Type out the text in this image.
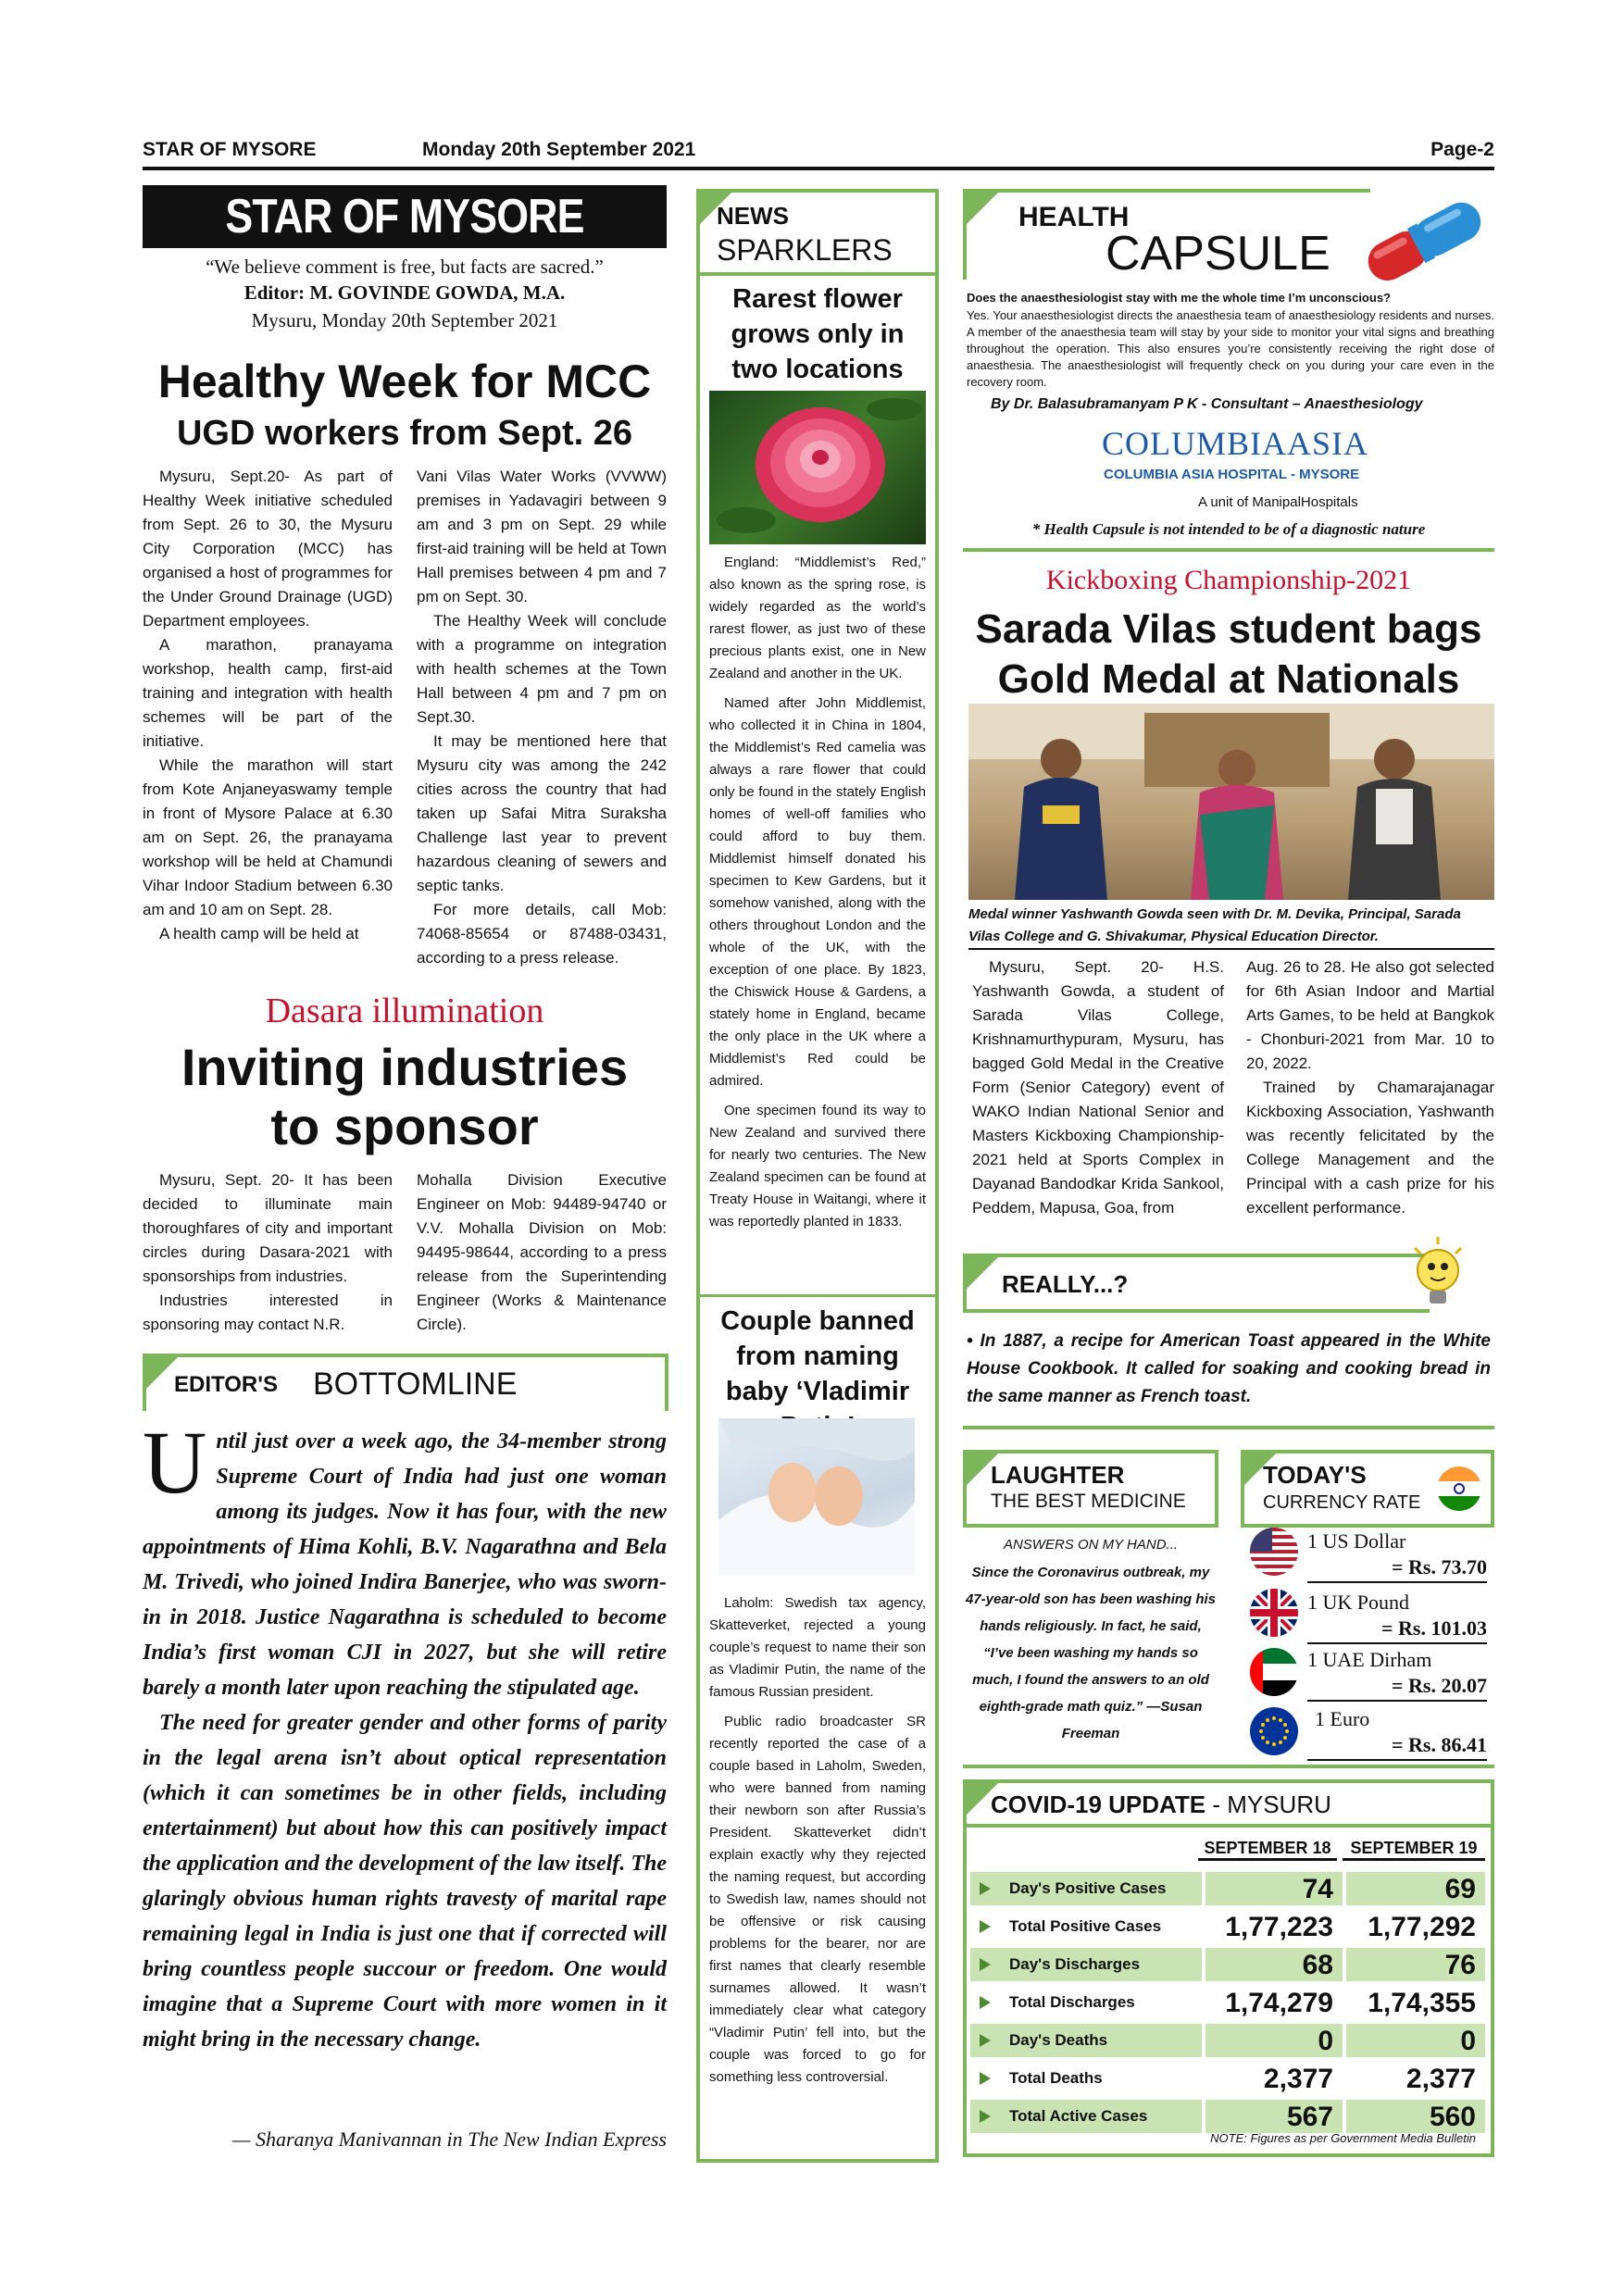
STAR OF MYSORE	Monday 20th September 2021	Page-2
STAR OF MYSORE
“We believe comment is free, but facts are sacred.”
Editor: M. GOVINDE GOWDA, M.A.
Mysuru, Monday 20th September 2021
Healthy Week for MCC
UGD workers from Sept. 26

Mysuru, Sept.20- As part of Healthy Week initiative scheduled from Sept. 26 to 30, the Mysuru City Corporation (MCC) has organised a host of programmes for the Under Ground Drainage (UGD) Department employees.

A marathon, pranayama workshop, health camp, first-aid training and integration with health schemes will be part of the initiative.

While the marathon will start from Kote Anjaneyaswamy temple in front of Mysore Palace at 6.30 am on Sept. 26, the pranayama workshop will be held at Chamundi Vihar Indoor Stadium between 6.30 am and 10 am on Sept. 28.

A health camp will be held at

Vani Vilas Water Works (VVWW) premises in Yadavagiri between 9 am and 3 pm on Sept. 29 while first-aid training will be held at Town Hall premises between 4 pm and 7 pm on Sept. 30.

The Healthy Week will conclude with a programme on integration with health schemes at the Town Hall between 4 pm and 7 pm on Sept.30.

It may be mentioned here that Mysuru city was among the 242 cities across the country that had taken up Safai Mitra Suraksha Challenge last year to prevent hazardous cleaning of sewers and septic tanks.

For more details, call Mob: 74068-85654 or 87488-03431, according to a press release.

Dasara illumination
Inviting industries
to sponsor

Mysuru, Sept. 20- It has been decided to illuminate main thoroughfares of city and important circles during Dasara-2021 with sponsorships from industries.

Industries interested in sponsoring may contact N.R.

Mohalla Division Executive Engineer on Mob: 94489-94740 or V.V. Mohalla Division on Mob: 94495-98644, according to a press release from the Superintending Engineer (Works & Maintenance Circle).

EDITOR'S BOTTOMLINE
U ntil just over a week ago, the 34-member strong Supreme Court of India had just one woman among its judges. Now it has four, with the new appointments of Hima Kohli, B.V. Nagarathna and Bela M. Trivedi, who joined Indira Banerjee, who was sworn-in in 2018. Justice Nagarathna is scheduled to become India’s first woman CJI in 2027, but she will retire barely a month later upon reaching the stipulated age.

The need for greater gender and other forms of parity in the legal arena isn’t about optical representation (which it can sometimes be in other fields, including entertainment) but about how this can positively impact the application and the development of the law itself. The glaringly obvious human rights travesty of marital rape remaining legal in India is just one that if corrected will bring countless people succour or freedom. One would imagine that a Supreme Court with more women in it might bring in the necessary change.

— Sharanya Manivannan in The New Indian Express
NEWS
SPARKLERS
Rarest flower grows only in two locations

England: “Middlemist’s Red,” also known as the spring rose, is widely regarded as the world’s rarest flower, as just two of these precious plants exist, one in New Zealand and another in the UK.

Named after John Middlemist, who collected it in China in 1804, the Middlemist’s Red camelia was always a rare flower that could only be found in the stately English homes of well-off families who could afford to buy them. Middlemist himself donated his specimen to Kew Gardens, but it somehow vanished, along with the others throughout London and the whole of the UK, with the exception of one place. By 1823, the Chiswick House & Gardens, a stately home in England, became the only place in the UK where a Middlemist’s Red could be admired.

One specimen found its way to New Zealand and survived there for nearly two centuries. The New Zealand specimen can be found at Treaty House in Waitangi, where it was reportedly planted in 1833.

Couple banned from naming baby ‘Vladimir

Laholm: Swedish tax agency, Skatteverket, rejected a young couple’s request to name their son as Vladimir Putin, the name of the famous Russian president.

Public radio broadcaster SR recently reported the case of a couple based in Laholm, Sweden, who were banned from naming their newborn son after Russia’s President. Skatteverket didn’t explain exactly why they rejected the naming request, but according to Swedish law, names should not be offensive or risk causing problems for the bearer, nor are first names that clearly resemble surnames allowed. It wasn’t immediately clear what category “Vladimir Putin’ fell into, but the couple was forced to go for something less controversial.

HEALTH
CAPSULE
Does the anaesthesiologist stay with me the whole time I’m unconscious?
Yes. Your anaesthesiologist directs the anaesthesia team of anaesthesiology residents and nurses. A member of the anaesthesia team will stay by your side to monitor your vital signs and breathing throughout the operation. This also ensures you’re consistently receiving the right dose of anaesthesia. The anaesthesiologist will frequently check on you during your care even in the recovery room.
By Dr. Balasubramanyam P K - Consultant – Anaesthesiology
COLUMBIAASIA
COLUMBIA ASIA HOSPITAL - MYSORE
A unit of ManipalHospitals
* Health Capsule is not intended to be of a diagnostic nature
Kickboxing Championship-2021
Sarada Vilas student bags
Gold Medal at Nationals
Medal winner Yashwanth Gowda seen with Dr. M. Devika, Principal, Sarada Vilas College and G. Shivakumar, Physical Education Director.

Mysuru, Sept. 20- H.S. Yashwanth Gowda, a student of Sarada Vilas College, Krishnamurthypuram, Mysuru, has bagged Gold Medal in the Creative Form (Senior Category) event of WAKO Indian National Senior and Masters Kickboxing Championship-2021 held at Sports Complex in Dayanad Bandodkar Krida Sankool, Peddem, Mapusa, Goa, from

Aug. 26 to 28. He also got selected for 6th Asian Indoor and Martial Arts Games, to be held at Bangkok - Chonburi-2021 from Mar. 10 to 20, 2022.

Trained by Chamarajanagar Kickboxing Association, Yashwanth was recently felicitated by the College Management and the Principal with a cash prize for his excellent performance.

REALLY...?
• In 1887, a recipe for American Toast appeared in the White House Cookbook. It called for soaking and cooking bread in the same manner as French toast.
LAUGHTER
THE BEST MEDICINE
ANSWERS ON MY HAND...
Since the Coronavirus outbreak, my 47-year-old son has been washing his hands religiously. In fact, he said, “I’ve been washing my hands so much, I found the answers to an old eighth-grade math quiz.” —Susan Freeman
TODAY'S
CURRENCY RATE
1 US Dollar
= Rs. 73.70
1 UK Pound
= Rs. 101.03
1 UAE Dirham
= Rs. 20.07
1 Euro
= Rs. 86.41
COVID-19 UPDATE - MYSURU
SEPTEMBER 18	SEPTEMBER 19
Day's Positive Cases	74	69
Total Positive Cases	1,77,223	1,77,292
Day's Discharges	68	76
Total Discharges	1,74,279	1,74,355
Day's Deaths	0	0
Total Deaths	2,377	2,377
Total Active Cases	567	560
NOTE: Figures as per Government Media Bulletin
